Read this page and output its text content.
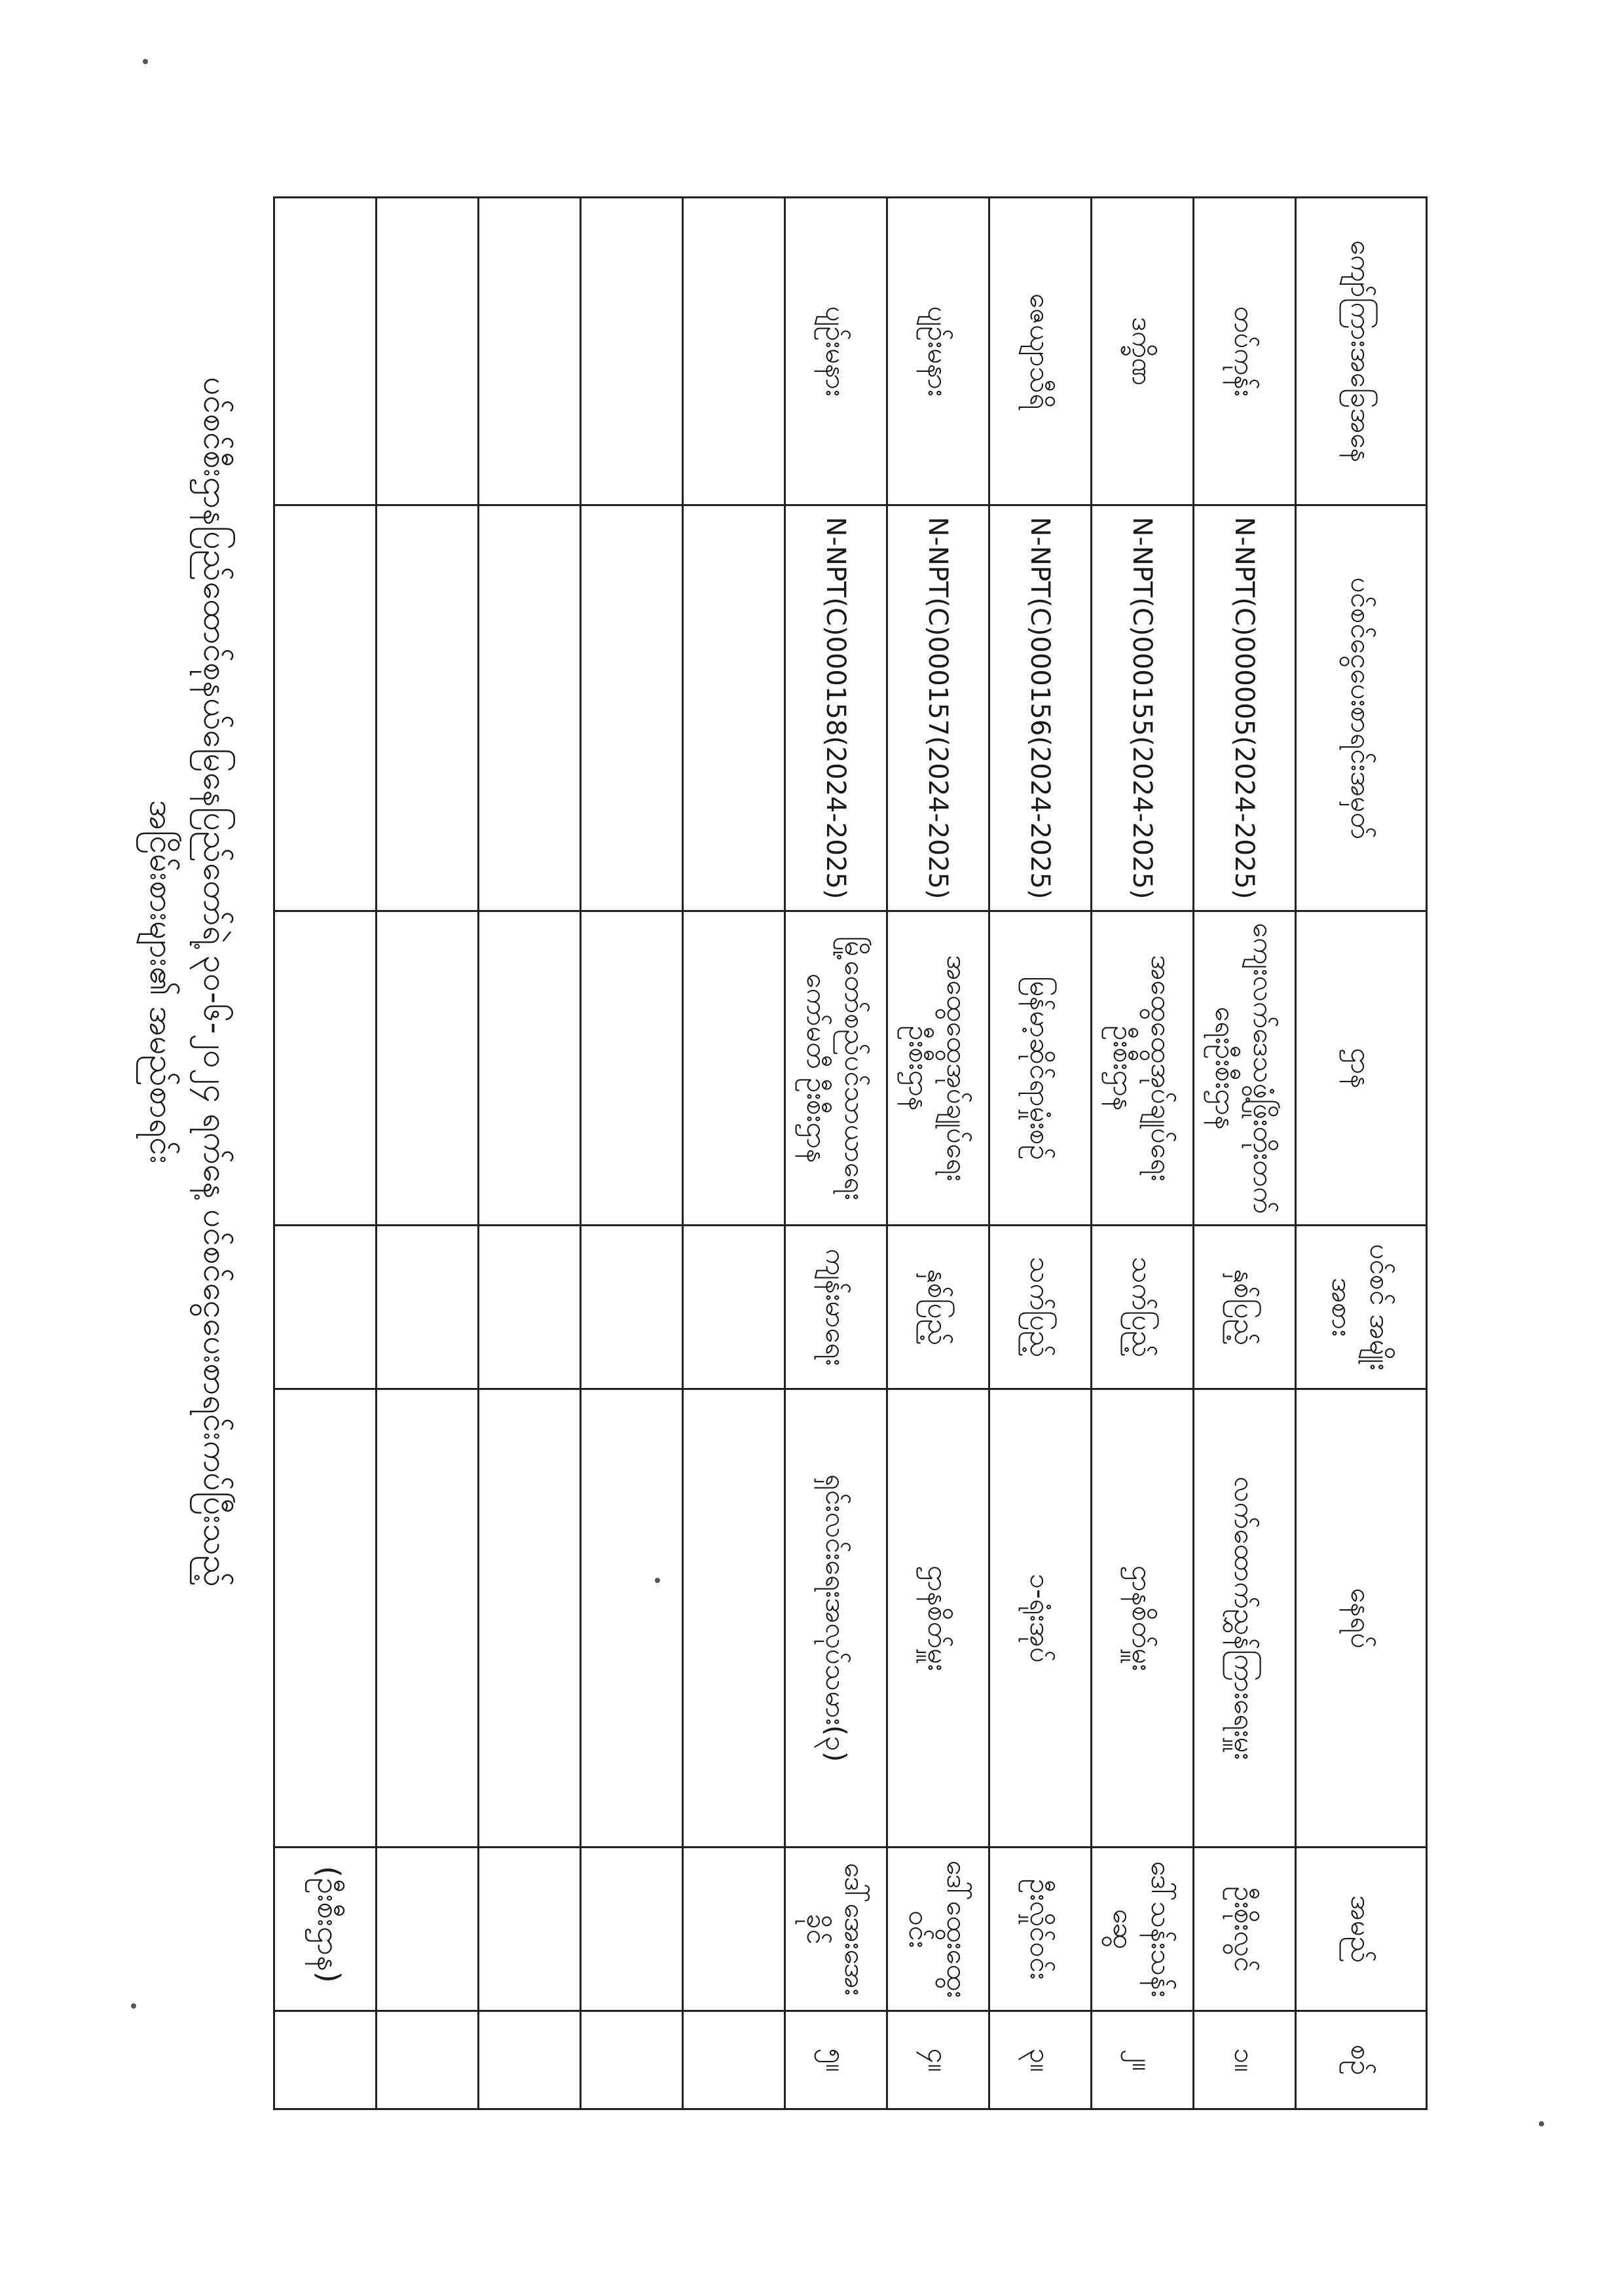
ပင်စင်စီးဌာနပြည်ထောင်စုနယ်မြေနေပြည်တော်ရဲ့ ၃၀-၆-၂၀၂၄ ရက်နေ့ ပင်စင်ငွေပေးစာရင်းကပ်ပြီးသည့်
အငြိမ်းစားများ၏ အမည်စာရင်း
(ဦးစီးဌာန)
ကျော်ကြားအခြေအနေ	ပင်စင်ငွေပေးစာရင်းအမှတ်	ဌာန	ပင်စင် အမျိုးအစား	နေရပ်	အမည်	စဉ်
တပ်ကုန်း	N-NPT(C)000005(2024-2025)	ကျေးလက်ဒေသဖွံ့ဖြိုးတိုးတက်ရေးဦးစီးဌာန	နှစ်ပြည့်	လက်ထောက်ညွှန်ကြားရေးမှူး	ဦးစိုးလွင်	၁။
ဒက္ခိဏ	N-NPT(C)000155(2024-2025)	အထွေထွေအုပ်ချုပ်ရေးဦးစီးဌာန	သက်ပြည့်	ဌာနစိတ်မှူး	ဒေါ်သန်းသန်းဆွေ	၂။
ဇေယျာသီရိ	N-NPT(C)000156(2024-2025)	မြန်မာ့ဆိုင်ရာမှုံးစဉ်	သက်ပြည့်	၁-ရုံးအုပ်	ဦးလှိုင်ဝင်း	၃။
ပျဉ်းမနား	N-NPT(C)000157(2024-2025)	အထွေထွေအုပ်ချုပ်ရေးဦးစီးဌာန	နှစ်ပြည့်	ဌာနစိတ်မှူး	ဒေါ်ထွေးထွေးဝင်း	၄။
ပျဉ်းမနား	N-NPT(C)000158(2024-2025)	မြို့တော်စည်ပင်သာယာရေးကော်မတီ ဦးစီးဌာန	ကျန်းမာရေး	ရှင်းလင်းရေးအလုပ်သမား(၃)	ဒေါ်အေးအေးခိုင်	၅။
